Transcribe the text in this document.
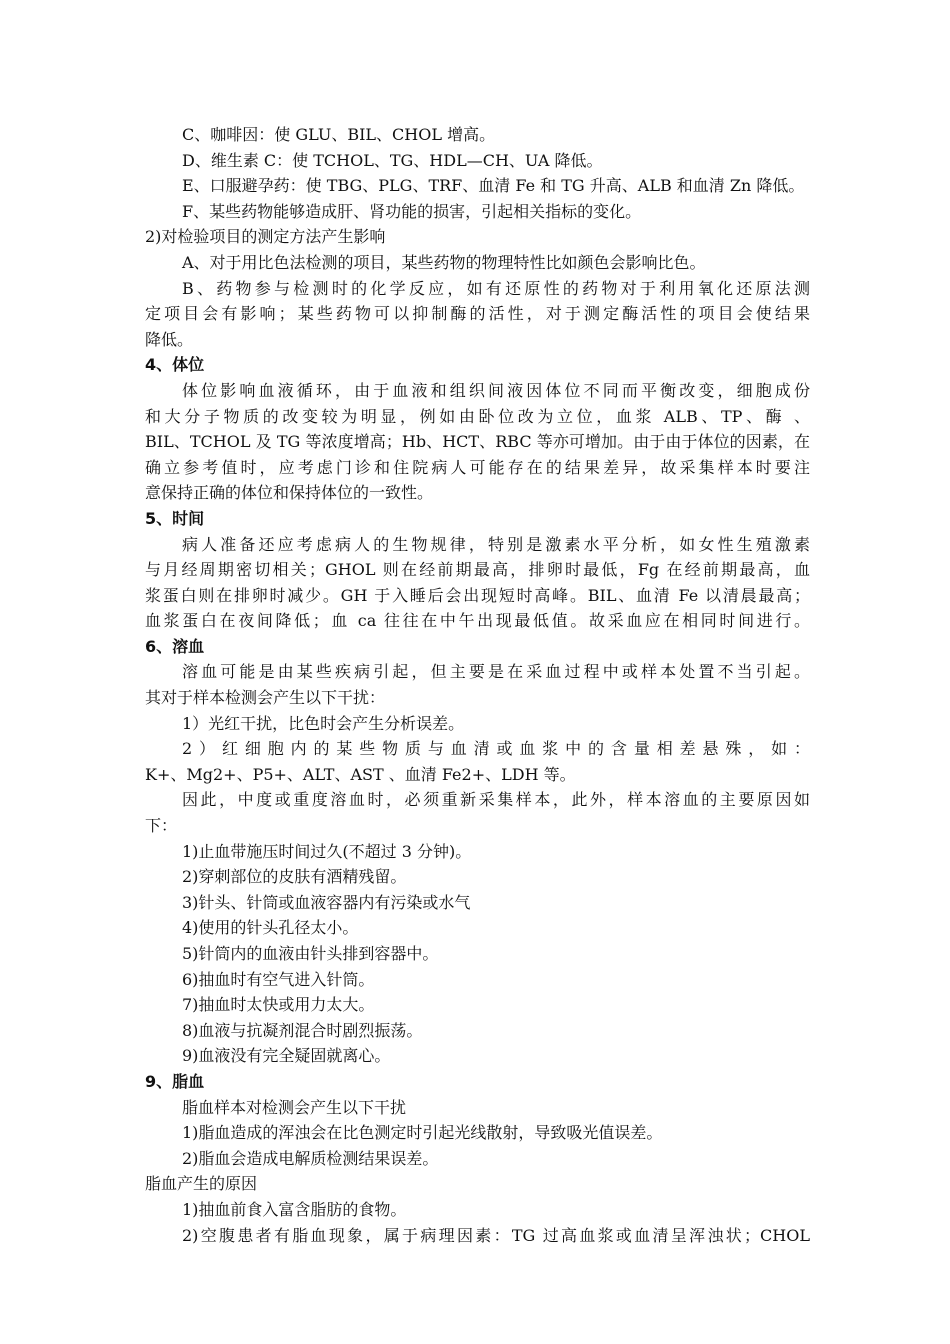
C、咖啡因：使 GLU、BIL、CHOL 增高。
D、维生素 C：使 TCHOL、TG、HDL—CH、UA 降低。
E、口服避孕药：使 TBG、PLG、TRF、血清 Fe 和 TG 升高、ALB 和血清 Zn 降低。
F、某些药物能够造成肝、肾功能的损害，引起相关指标的变化。
2)对检验项目的测定方法产生影响
A、对于用比色法检测的项目，某些药物的物理特性比如颜色会影响比色。
B、药物参与检测时的化学反应，如有还原性的药物对于利用氧化还原法测
定项目会有影响；某些药物可以抑制酶的活性，对于测定酶活性的项目会使结果
降低。
4、体位
体位影响血液循环，由于血液和组织间液因体位不同而平衡改变，细胞成份
和大分子物质的改变较为明显，例如由卧位改为立位，血浆 ALB、TP、酶 、
BIL、TCHOL 及 TG 等浓度增高；Hb、HCT、RBC 等亦可增加。由于由于体位的因素，在
确立参考值时，应考虑门诊和住院病人可能存在的结果差异，故采集样本时要注
意保持正确的体位和保持体位的一致性。
5、时间
病人准备还应考虑病人的生物规律，特别是激素水平分析，如女性生殖激素
与月经周期密切相关；GHOL 则在经前期最高，排卵时最低，Fg 在经前期最高，血
浆蛋白则在排卵时减少。GH 于入睡后会出现短时高峰。BIL、血清 Fe 以清晨最高；
血浆蛋白在夜间降低；血 ca 往往在中午出现最低值。故采血应在相同时间进行。
6、溶血
溶血可能是由某些疾病引起，但主要是在采血过程中或样本处置不当引起。
其对于样本检测会产生以下干扰：
1）光红干扰，比色时会产生分析误差。
2）红细胞内的某些物质与血清或血浆中的含量相差悬殊，如：
K+、Mg2+、P5+、ALT、AST 、血清 Fe2+、LDH 等。
因此，中度或重度溶血时，必须重新采集样本，此外，样本溶血的主要原因如
下：
1)止血带施压时间过久(不超过 3 分钟)。
2)穿刺部位的皮肤有酒精残留。
3)针头、针筒或血液容器内有污染或水气
4)使用的针头孔径太小。
5)针筒内的血液由针头排到容器中。
6)抽血时有空气进入针筒。
7)抽血时太快或用力太大。
8)血液与抗凝剂混合时剧烈振荡。
9)血液没有完全疑固就离心。
9、脂血
脂血样本对检测会产生以下干扰
1)脂血造成的浑浊会在比色测定时引起光线散射，导致吸光值误差。
2)脂血会造成电解质检测结果误差。
脂血产生的原因
1)抽血前食入富含脂肪的食物。
2)空腹患者有脂血现象，属于病理因素：TG 过高血浆或血清呈浑浊状；CHOL
